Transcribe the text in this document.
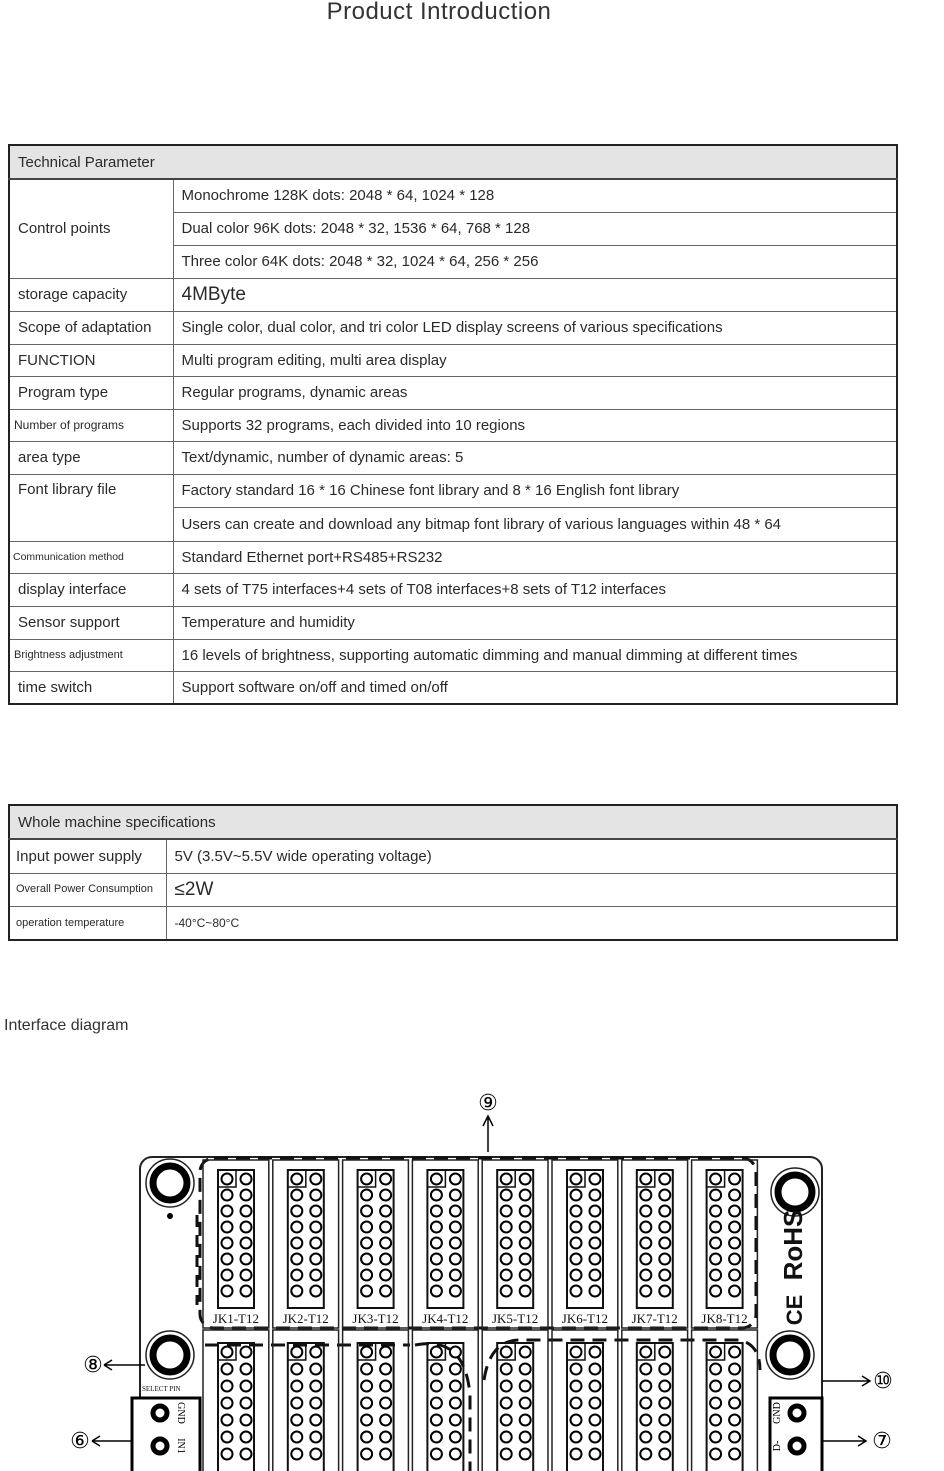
Product Introduction
Technical Parameter	
Control points	Monochrome 128K dots: 2048 * 64, 1024 * 128
	Dual color 96K dots: 2048 * 32, 1536 * 64, 768 * 128
	Three color 64K dots: 2048 * 32, 1024 * 64, 256 * 256
storage capacity	4MByte
Scope of adaptation	Single color, dual color, and tri color LED display screens of various specifications
FUNCTION	Multi program editing, multi area display
Program type	Regular programs, dynamic areas
Number of programs	Supports 32 programs, each divided into 10 regions
area type	Text/dynamic, number of dynamic areas: 5
Font library file	Factory standard 16 * 16 Chinese font library and 8 * 16 English font library
	Users can create and download any bitmap font library of various languages within 48 * 64
Communication method	Standard Ethernet port+RS485+RS232
display interface	4 sets of T75 interfaces+4 sets of T08 interfaces+8 sets of T12 interfaces
Sensor support	Temperature and humidity
Brightness adjustment	16 levels of brightness, supporting automatic dimming and manual dimming at different times
time switch	Support software on/off and timed on/off
Whole machine specifications	
Input power supply	5V (3.5V~5.5V wide operating voltage)
Overall Power Consumption	≤2W
operation temperature	-40°C~80°C
Interface diagram
JK1-T12 JK2-T12 JK3-T12 JK4-T12 JK5-T12 JK6-T12 JK7-T12 JK8-T12
RoHS
CE
SELECT PIN
GND
IN1
GND
D-
⑨
⑧
⑥
⑩
⑦
